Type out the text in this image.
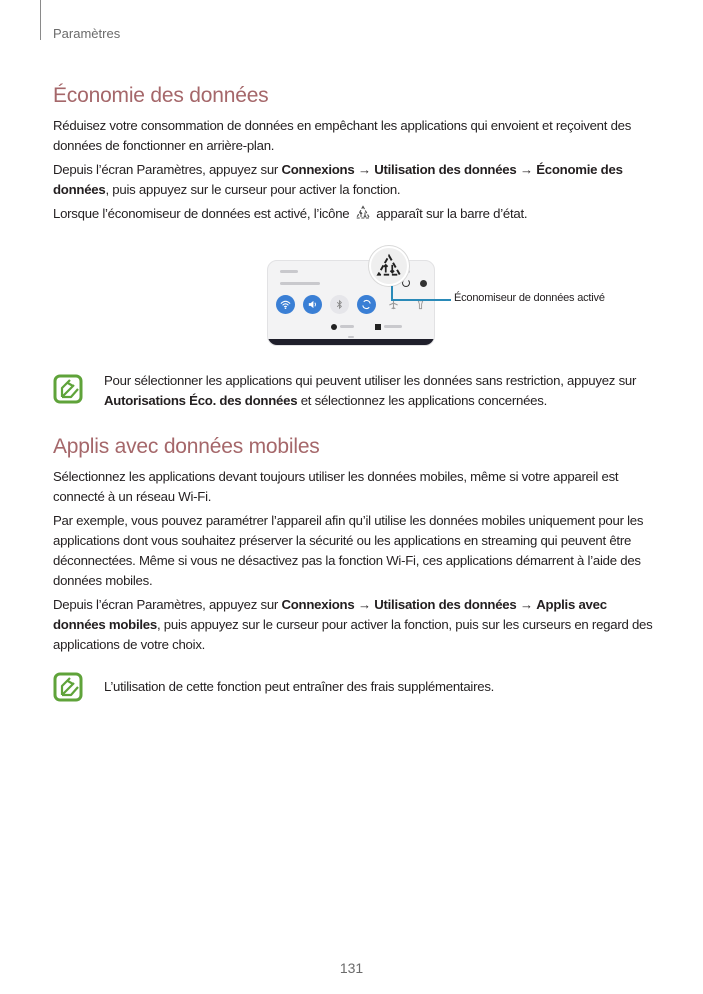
Paramètres
Économie des données

Réduisez votre consommation de données en empêchant les applications qui envoient et reçoivent des données de fonctionner en arrière-plan.

Depuis l’écran Paramètres, appuyez sur Connexions → Utilisation des données → Économie des données, puis appuyez sur le curseur pour activer la fonction.

Lorsque l’économiseur de données est activé, l’icône  apparaît sur la barre d’état.

Économiseur de données activé

Pour sélectionner les applications qui peuvent utiliser les données sans restriction, appuyez sur Autorisations Éco. des données et sélectionnez les applications concernées.

Applis avec données mobiles

Sélectionnez les applications devant toujours utiliser les données mobiles, même si votre appareil est connecté à un réseau Wi-Fi.

Par exemple, vous pouvez paramétrer l’appareil afin qu’il utilise les données mobiles uniquement pour les applications dont vous souhaitez préserver la sécurité ou les applications en streaming qui peuvent être déconnectées. Même si vous ne désactivez pas la fonction Wi-Fi, ces applications démarrent à l’aide des données mobiles.

Depuis l’écran Paramètres, appuyez sur Connexions → Utilisation des données → Applis avec données mobiles, puis appuyez sur le curseur pour activer la fonction, puis sur les curseurs en regard des applications de votre choix.

L’utilisation de cette fonction peut entraîner des frais supplémentaires.

131
